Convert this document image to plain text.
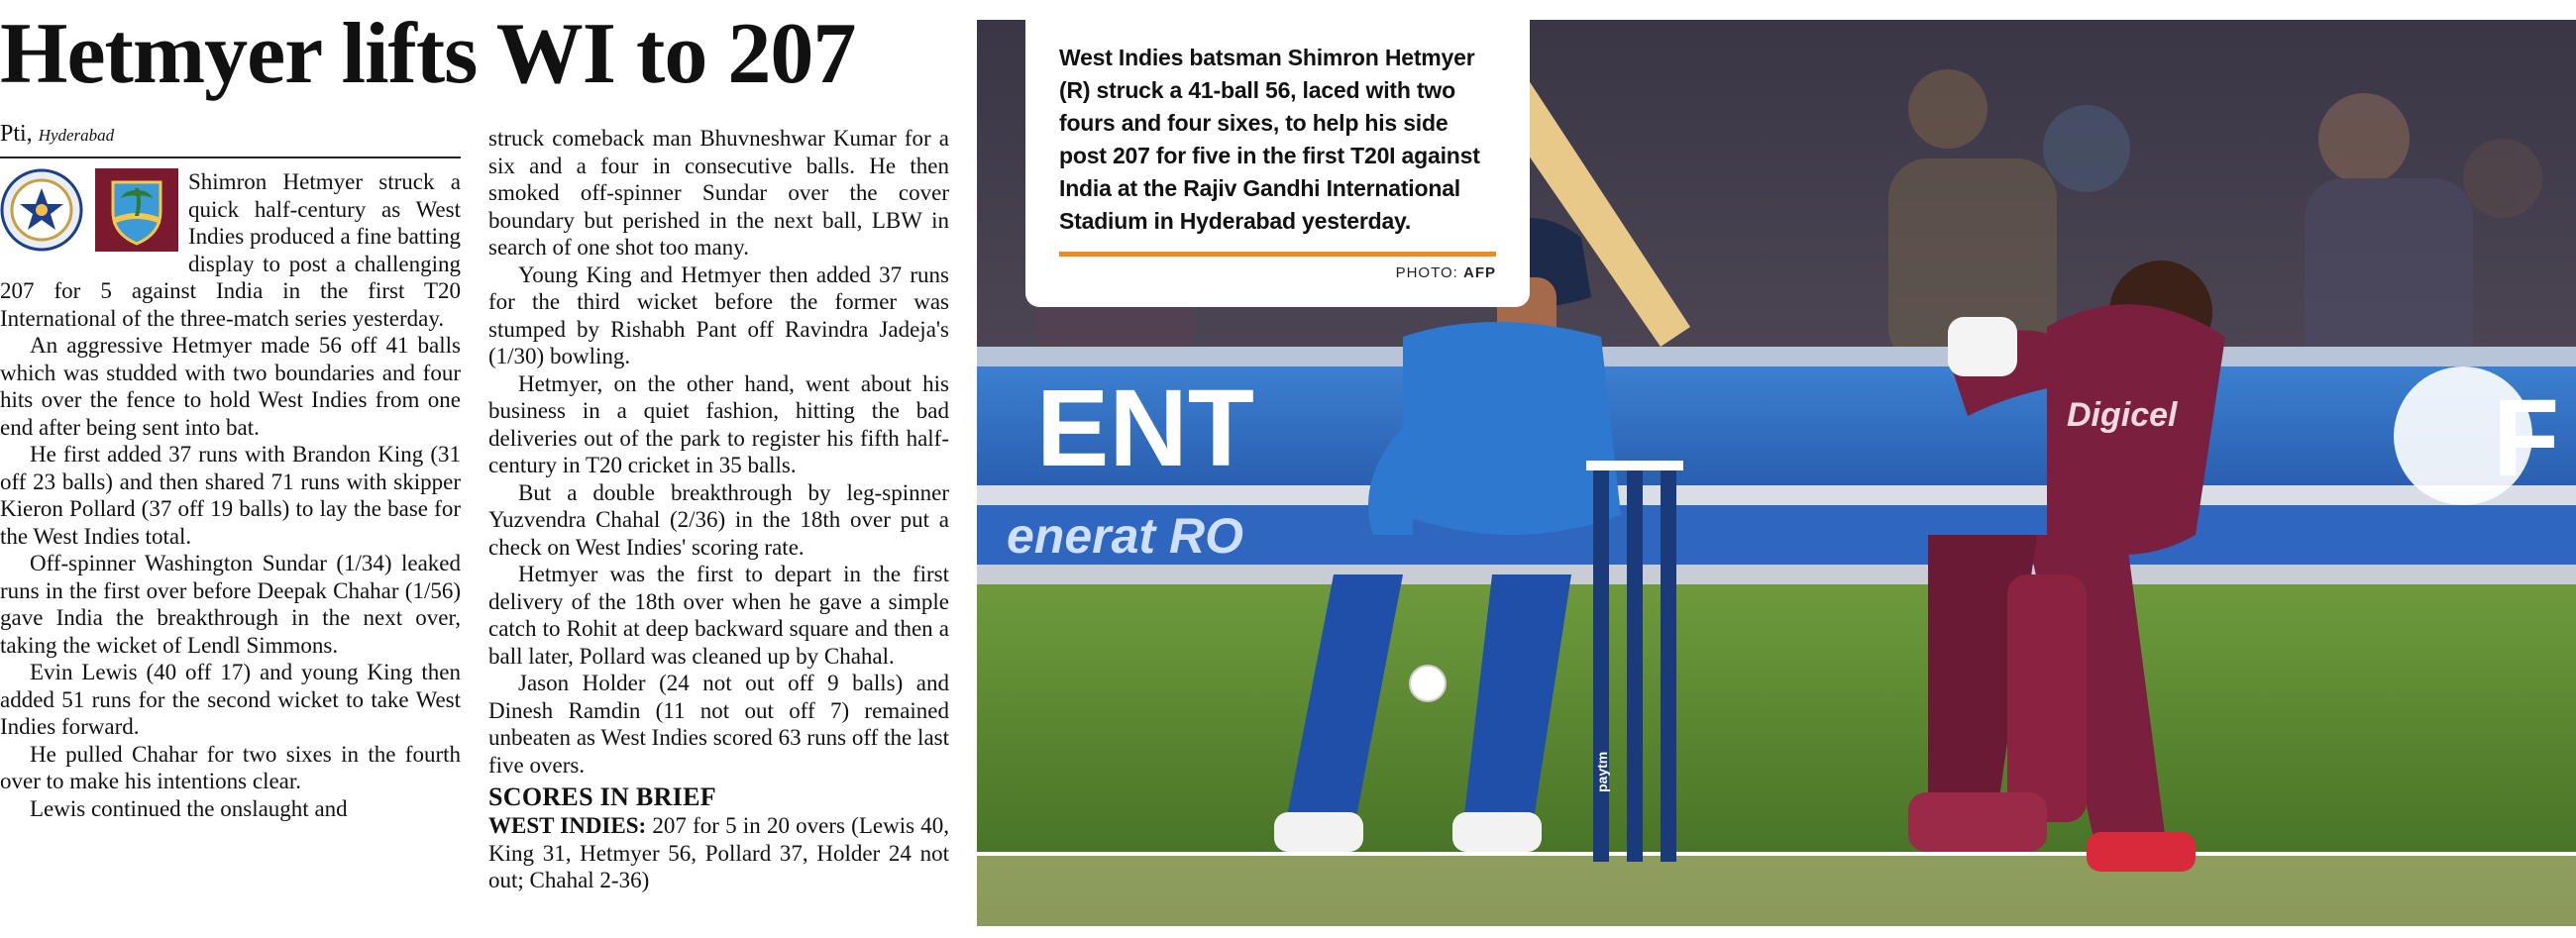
Hetmyer lifts WI to 207
Pti, Hyderabad

Shimron Hetmyer struck a quick half-century as West Indies produced a fine batting display to post a challenging 207 for 5 against India in the first T20 International of the three-match series yesterday.

An aggressive Hetmyer made 56 off 41 balls which was studded with two boundaries and four hits over the fence to hold West Indies from one end after being sent into bat.

He first added 37 runs with Brandon King (31 off 23 balls) and then shared 71 runs with skipper Kieron Pollard (37 off 19 balls) to lay the base for the West Indies total.

Off-spinner Washington Sundar (1/34) leaked runs in the first over before Deepak Chahar (1/56) gave India the breakthrough in the next over, taking the wicket of Lendl Simmons.

Evin Lewis (40 off 17) and young King then added 51 runs for the second wicket to take West Indies forward.

He pulled Chahar for two sixes in the fourth over to make his intentions clear.

Lewis continued the onslaught and

struck comeback man Bhuvneshwar Kumar for a six and a four in consecutive balls. He then smoked off-spinner Sundar over the cover boundary but perished in the next ball, LBW in search of one shot too many.

Young King and Hetmyer then added 37 runs for the third wicket before the former was stumped by Rishabh Pant off Ravindra Jadeja's (1/30) bowling.

Hetmyer, on the other hand, went about his business in a quiet fashion, hitting the bad deliveries out of the park to register his fifth half-century in T20 cricket in 35 balls.

But a double breakthrough by leg-spinner Yuzvendra Chahal (2/36) in the 18th over put a check on West Indies' scoring rate.

Hetmyer was the first to depart in the first delivery of the 18th over when he gave a simple catch to Rohit at deep backward square and then a ball later, Pollard was cleaned up by Chahal.

Jason Holder (24 not out off 9 balls) and Dinesh Ramdin (11 not out off 7) remained unbeaten as West Indies scored 63 runs off the last five overs.

SCORES IN BRIEF

WEST INDIES: 207 for 5 in 20 overs (Lewis 40, King 31, Hetmyer 56, Pollard 37, Holder 24 not out; Chahal 2-36)

ENT
enerat RO
F
paytm
Digicel
West Indies batsman Shimron Hetmyer (R) struck a 41-ball 56, laced with two fours and four sixes, to help his side post 207 for five in the first T20I against India at the Rajiv Gandhi International Stadium in Hyderabad yesterday.
PHOTO: AFP
